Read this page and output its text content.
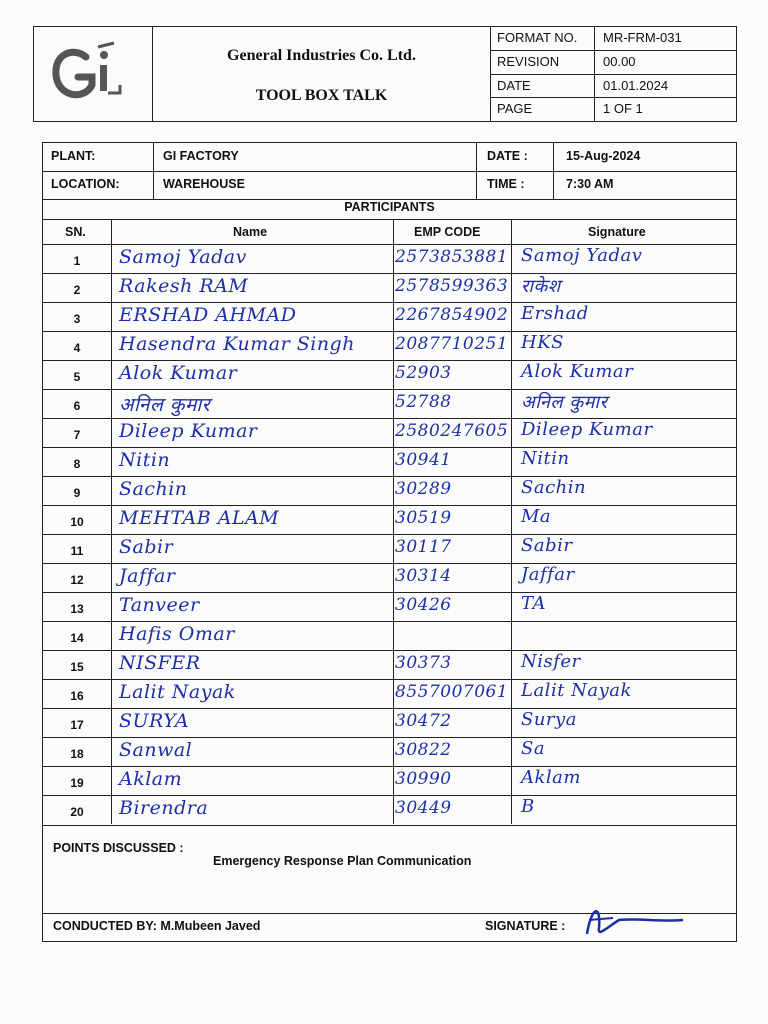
General Industries Co. Ltd.
TOOL BOX TALK
FORMAT NO.	MR-FRM-031
REVISION	00.00
DATE	01.01.2024
PAGE	1 OF 1
PLANT:	GI FACTORY	DATE :	15-Aug-2024
LOCATION:	WAREHOUSE	TIME :	7:30 AM
PARTICIPANTS
SN.	Name	EMP CODE	Signature
1	Samoj Yadav	2573853881 Samoj Yadav
2	Rakesh RAM	2578599363 राकेश
3	ERSHAD AHMAD	2267854902 Ershad
4	Hasendra Kumar Singh 2087710251 HKS
5	Alok Kumar	52903	Alok Kumar
6	अनिल कुमार	52788	अनिल कुमार
7	Dileep Kumar	2580247605 Dileep Kumar
8	Nitin	30941	Nitin
9	Sachin	30289	Sachin
10	MEHTAB ALAM	30519	Ma
11	Sabir	30117	Sabir
12	Jaffar	30314	Jaffar
13	Tanveer	30426	TA
14	Hafis Omar
15	NISFER	30373	Nisfer
16	Lalit Nayak	8557007061 Lalit Nayak
17	SURYA	30472	Surya
18	Sanwal	30822	Sa
19	Aklam	30990	Aklam
20	Birendra	30449	B
POINTS DISCUSSED :
Emergency Response Plan Communication
CONDUCTED BY: M.Mubeen Javed	SIGNATURE :
